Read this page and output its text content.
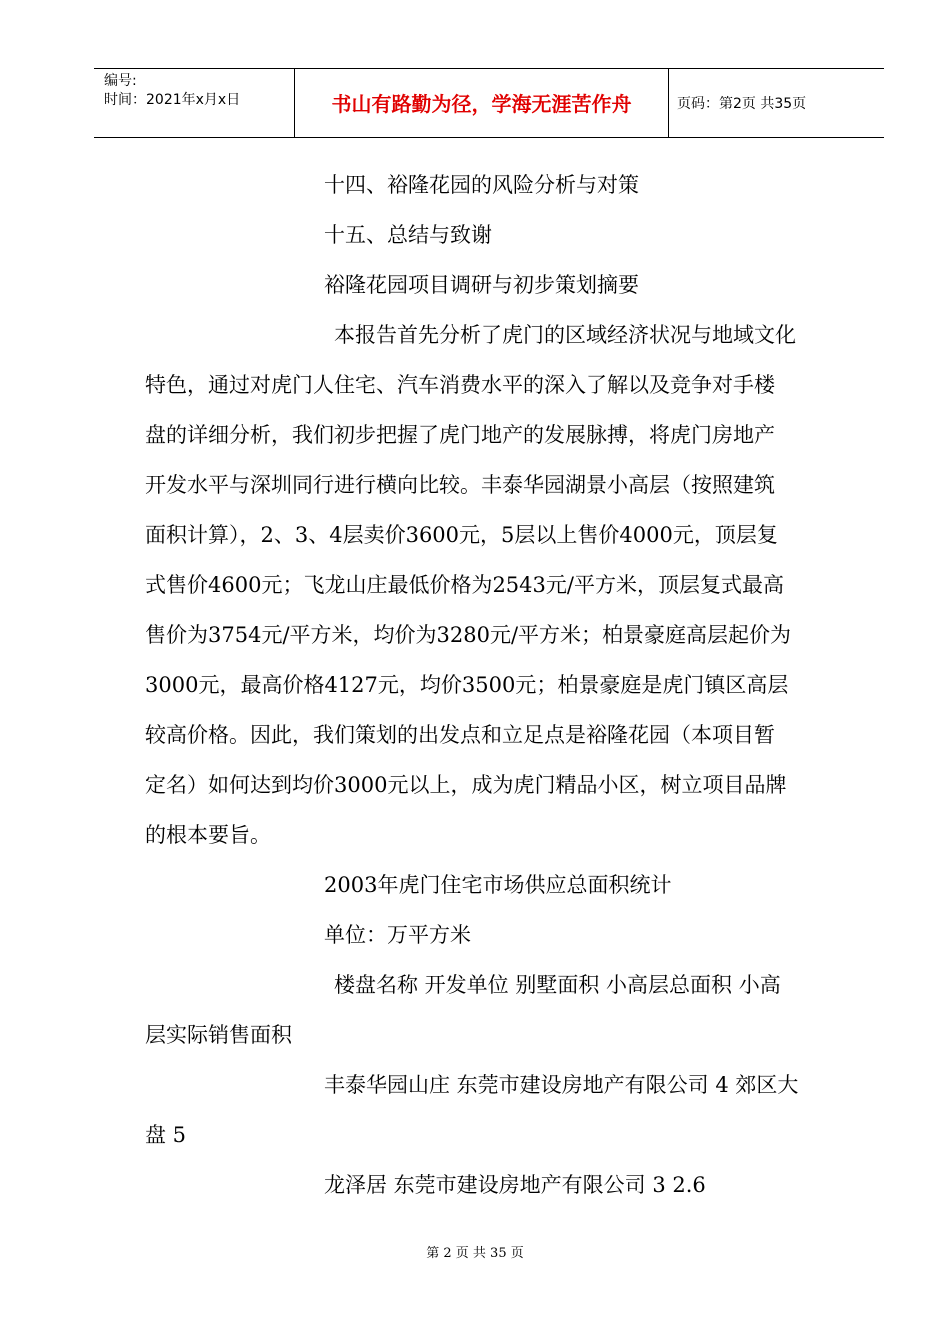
编号:
时间：2021年x月x日	书山有路勤为径，学海无涯苦作舟	页码：第2页 共35页
十四、裕隆花园的风险分析与对策
十五、总结与致谢
裕隆花园项目调研与初步策划摘要
本报告首先分析了虎门的区域经济状况与地域文化
特色，通过对虎门人住宅、汽车消费水平的深入了解以及竞争对手楼
盘的详细分析，我们初步把握了虎门地产的发展脉搏，将虎门房地产
开发水平与深圳同行进行横向比较。丰泰华园湖景小高层（按照建筑
面积计算），2、3、4层卖价3600元，5层以上售价4000元，顶层复
式售价4600元；飞龙山庄最低价格为2543元/平方米，顶层复式最高
售价为3754元/平方米，均价为3280元/平方米；柏景豪庭高层起价为
3000元，最高价格4127元，均价3500元；柏景豪庭是虎门镇区高层
较高价格。因此，我们策划的出发点和立足点是裕隆花园（本项目暂
定名）如何达到均价3000元以上，成为虎门精品小区，树立项目品牌
的根本要旨。
2003年虎门住宅市场供应总面积统计
单位：万平方米
楼盘名称 开发单位 别墅面积 小高层总面积 小高
层实际销售面积
丰泰华园山庄 东莞市建设房地产有限公司 4 郊区大
盘 5
龙泽居 东莞市建设房地产有限公司 3 2.6
第 2 页 共 35 页
